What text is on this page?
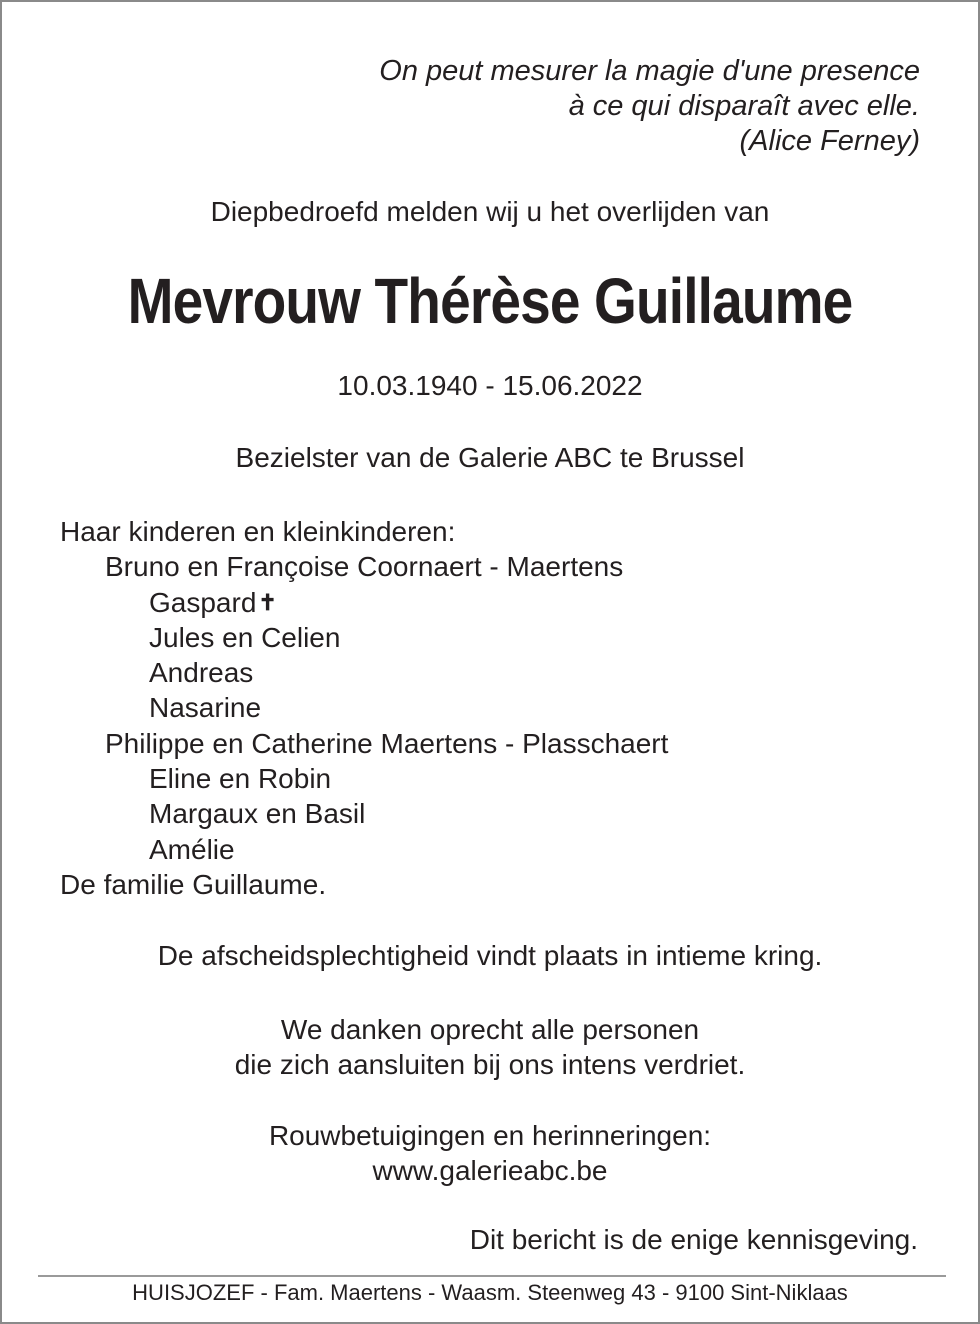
On peut mesurer la magie d'une presence
à ce qui disparaît avec elle.
(Alice Ferney)
Diepbedroefd melden wij u het overlijden van
Mevrouw Thérèse Guillaume
10.03.1940 - 15.06.2022
Bezielster van de Galerie ABC te Brussel
Haar kinderen en kleinkinderen:
Bruno en Françoise Coornaert - Maertens
Gaspard✝
Jules en Celien
Andreas
Nasarine
Philippe en Catherine Maertens - Plasschaert
Eline en Robin
Margaux en Basil
Amélie
De familie Guillaume.
De afscheidsplechtigheid vindt plaats in intieme kring.
We danken oprecht alle personen
die zich aansluiten bij ons intens verdriet.
Rouwbetuigingen en herinneringen:
www.galerieabc.be
Dit bericht is de enige kennisgeving.
HUISJOZEF - Fam. Maertens - Waasm. Steenweg 43 - 9100 Sint-Niklaas
